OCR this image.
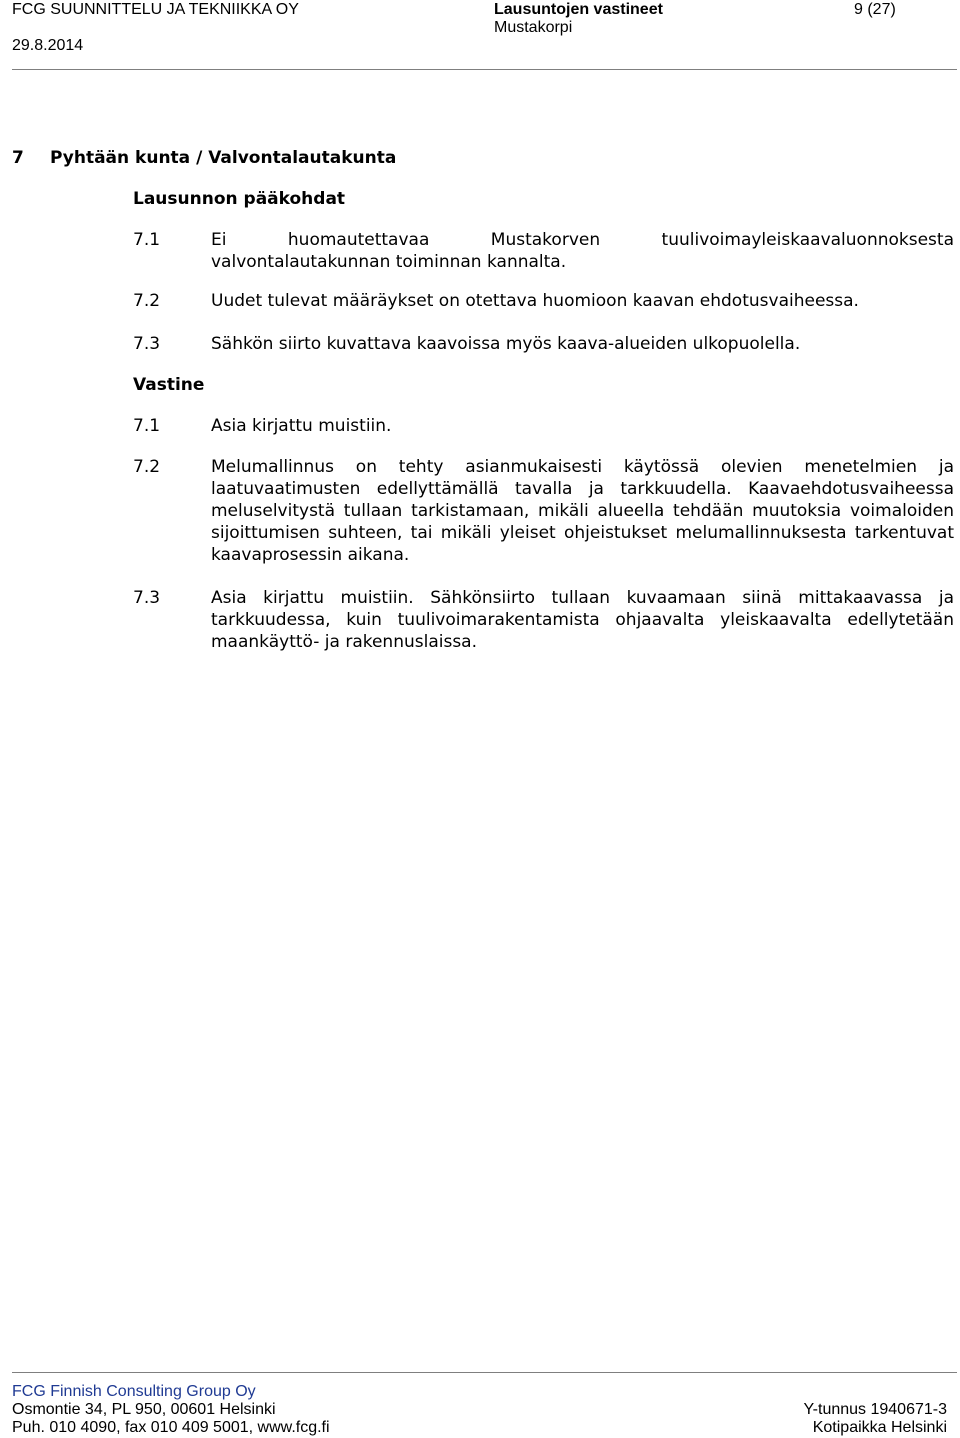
FCG SUUNNITTELU JA TEKNIIKKA OY
29.8.2014
Lausuntojen vastineet
Mustakorpi
9 (27)
7 Pyhtään kunta / Valvontalautakunta
Lausunnon pääkohdat
7.1	Ei huomautettavaa Mustakorven tuulivoimayleiskaavaluonnoksesta valvontalautakunnan toiminnan kannalta.
7.2	Uudet tulevat määräykset on otettava huomioon kaavan ehdotusvaiheessa.
7.3	Sähkön siirto kuvattava kaavoissa myös kaava-alueiden ulkopuolella.
Vastine
7.1	Asia kirjattu muistiin.
7.2	Melumallinnus on tehty asianmukaisesti käytössä olevien menetelmien ja laatuvaatimusten edellyttämällä tavalla ja tarkkuudella. Kaavaehdotusvaiheessa meluselvitystä tullaan tarkistamaan, mikäli alueella tehdään muutoksia voimaloiden sijoittumisen suhteen, tai mikäli yleiset ohjeistukset melumallinnuksesta tarkentuvat kaavaprosessin aikana.
7.3	Asia kirjattu muistiin. Sähkönsiirto tullaan kuvaamaan siinä mittakaavassa ja tarkkuudessa, kuin tuulivoimarakentamista ohjaavalta yleiskaavalta edellytetään maankäyttö- ja rakennuslaissa.
FCG Finnish Consulting Group Oy
Osmontie 34, PL 950, 00601 Helsinki
Puh. 010 4090, fax 010 409 5001, www.fcg.fi
Y-tunnus 1940671-3
Kotipaikka Helsinki
